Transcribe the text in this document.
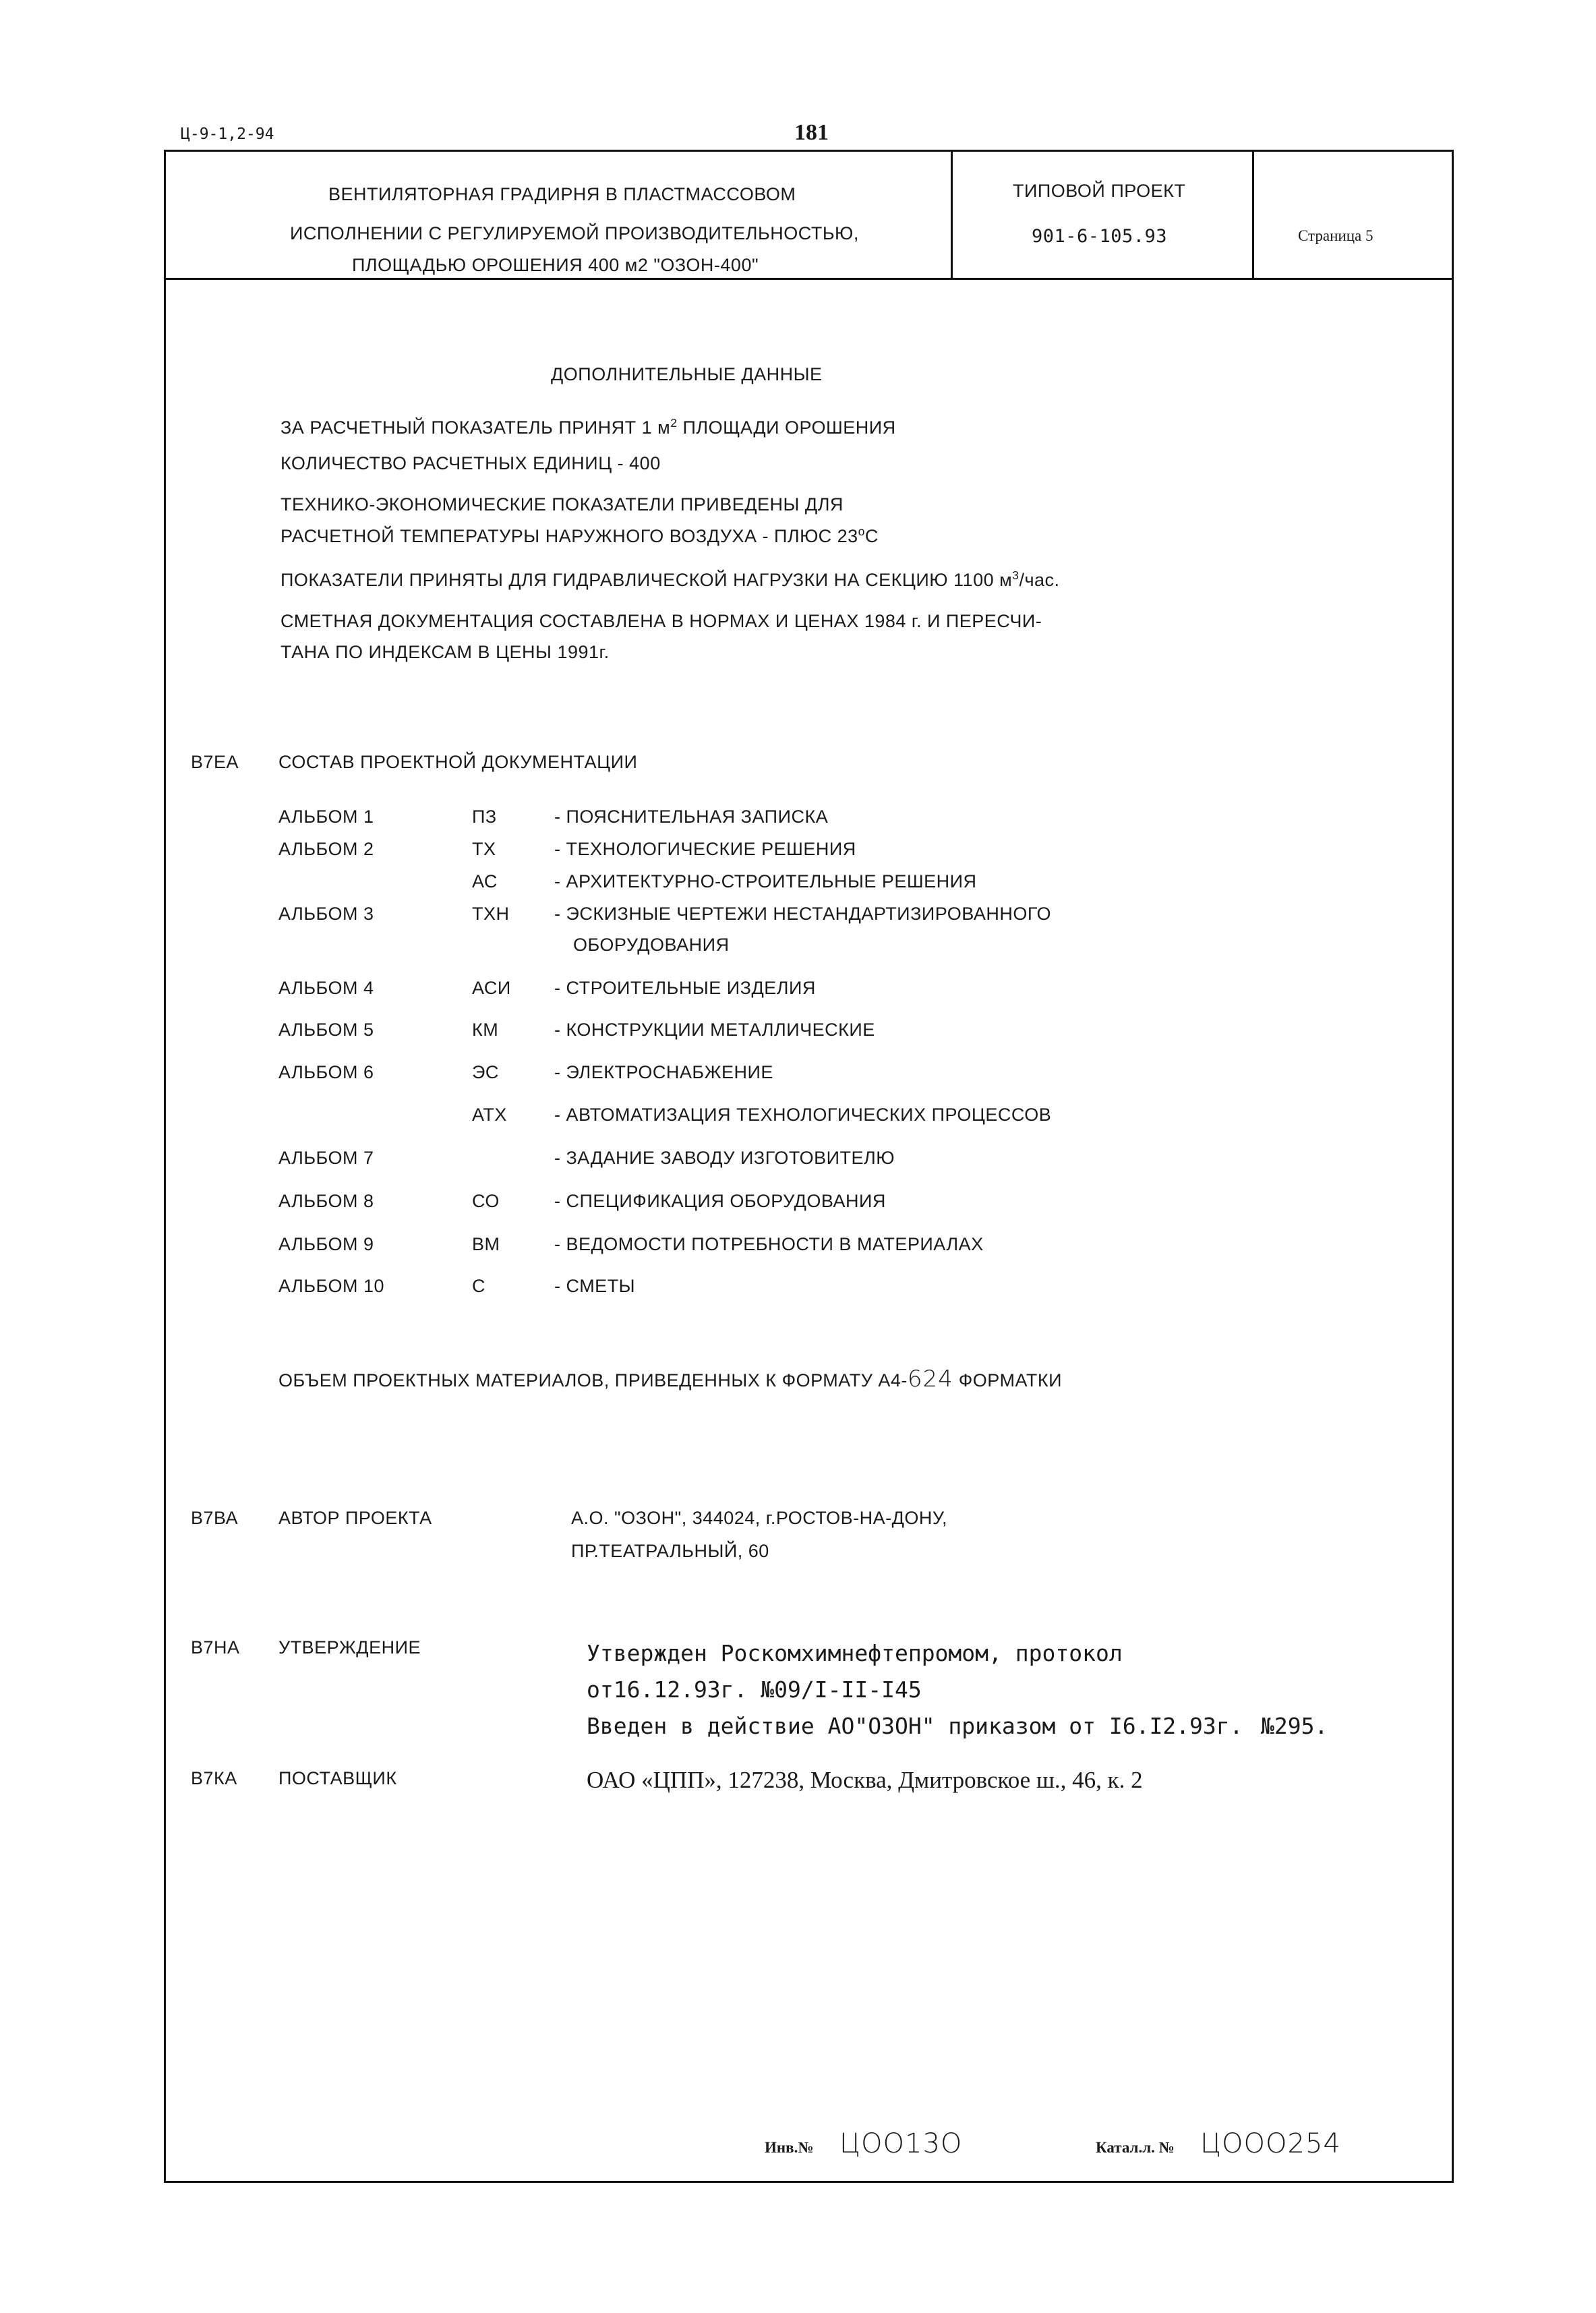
Ц-9-1,2-94	181
ВЕНТИЛЯТОРНАЯ ГРАДИРНЯ В ПЛАСТМАССОВОМ
ИСПОЛНЕНИИ С РЕГУЛИРУЕМОЙ ПРОИЗВОДИТЕЛЬНОСТЬЮ,
ПЛОЩАДЬЮ ОРОШЕНИЯ 400 м2 "ОЗОН-400"
ТИПОВОЙ ПРОЕКТ
901-6-105.93	Страница 5
ДОПОЛНИТЕЛЬНЫЕ ДАННЫЕ
ЗА РАСЧЕТНЫЙ ПОКАЗАТЕЛЬ ПРИНЯТ 1 $м^2$ ПЛОЩАДИ ОРОШЕНИЯ
КОЛИЧЕСТВО РАСЧЕТНЫХ ЕДИНИЦ - 400
ТЕХНИКО-ЭКОНОМИЧЕСКИЕ ПОКАЗАТЕЛИ ПРИВЕДЕНЫ ДЛЯ
РАСЧЕТНОЙ ТЕМПЕРАТУРЫ НАРУЖНОГО ВОЗДУХА - ПЛЮС $23^оС$
ПОКАЗАТЕЛИ ПРИНЯТЫ ДЛЯ ГИДРАВЛИЧЕСКОЙ НАГРУЗКИ НА СЕКЦИЮ 1100 $м^3$/час.
СМЕТНАЯ ДОКУМЕНТАЦИЯ СОСТАВЛЕНА В НОРМАХ И ЦЕНАХ 1984 г. И ПЕРЕСЧИ-
ТАНА ПО ИНДЕКСАМ В ЦЕНЫ 1991г.
В7ЕА СОСТАВ ПРОЕКТНОЙ ДОКУМЕНТАЦИИ
АЛЬБОМ 1	ПЗ	- ПОЯСНИТЕЛЬНАЯ ЗАПИСКА
АЛЬБОМ 2	ТХ	- ТЕХНОЛОГИЧЕСКИЕ РЕШЕНИЯ
АС	- АРХИТЕКТУРНО-СТРОИТЕЛЬНЫЕ РЕШЕНИЯ
АЛЬБОМ 3	ТХН - ЭСКИЗНЫЕ ЧЕРТЕЖИ НЕСТАНДАРТИЗИРОВАННОГО
ОБОРУДОВАНИЯ
АЛЬБОМ 4	АСИ - СТРОИТЕЛЬНЫЕ ИЗДЕЛИЯ
АЛЬБОМ 5	КМ	- КОНСТРУКЦИИ МЕТАЛЛИЧЕСКИЕ
АЛЬБОМ 6	ЭС	- ЭЛЕКТРОСНАБЖЕНИЕ
АТХ	- АВТОМАТИЗАЦИЯ ТЕХНОЛОГИЧЕСКИХ ПРОЦЕССОВ
АЛЬБОМ 7	- ЗАДАНИЕ ЗАВОДУ ИЗГОТОВИТЕЛЮ
АЛЬБОМ 8	СО	- СПЕЦИФИКАЦИЯ ОБОРУДОВАНИЯ
АЛЬБОМ 9	ВМ	- ВЕДОМОСТИ ПОТРЕБНОСТИ В МАТЕРИАЛАХ
АЛЬБОМ 10	С	- СМЕТЫ
ОБЪЕМ ПРОЕКТНЫХ МАТЕРИАЛОВ, ПРИВЕДЕННЫХ К ФОРМАТУ А4-624 ФОРМАТКИ
В7ВА АВТОР ПРОЕКТА	А.О. "ОЗОН", 344024, г.РОСТОВ-НА-ДОНУ,
ПР.ТЕАТРАЛЬНЫЙ, 60
В7НА УТВЕРЖДЕНИЕ	Утвержден Роскомхимнефтепромом, протокол
от16.12.93г. №09/I-II-I45
Введен в действие АО"ОЗОН" приказом от I6.I2.93г. №295.
В7КА ПОСТАВЩИК	ОАО «ЦПП», 127238, Москва, Дмитровское ш., 46, к. 2
Инв.№ ЦОО13О	Катал.л. № ЦООО254
